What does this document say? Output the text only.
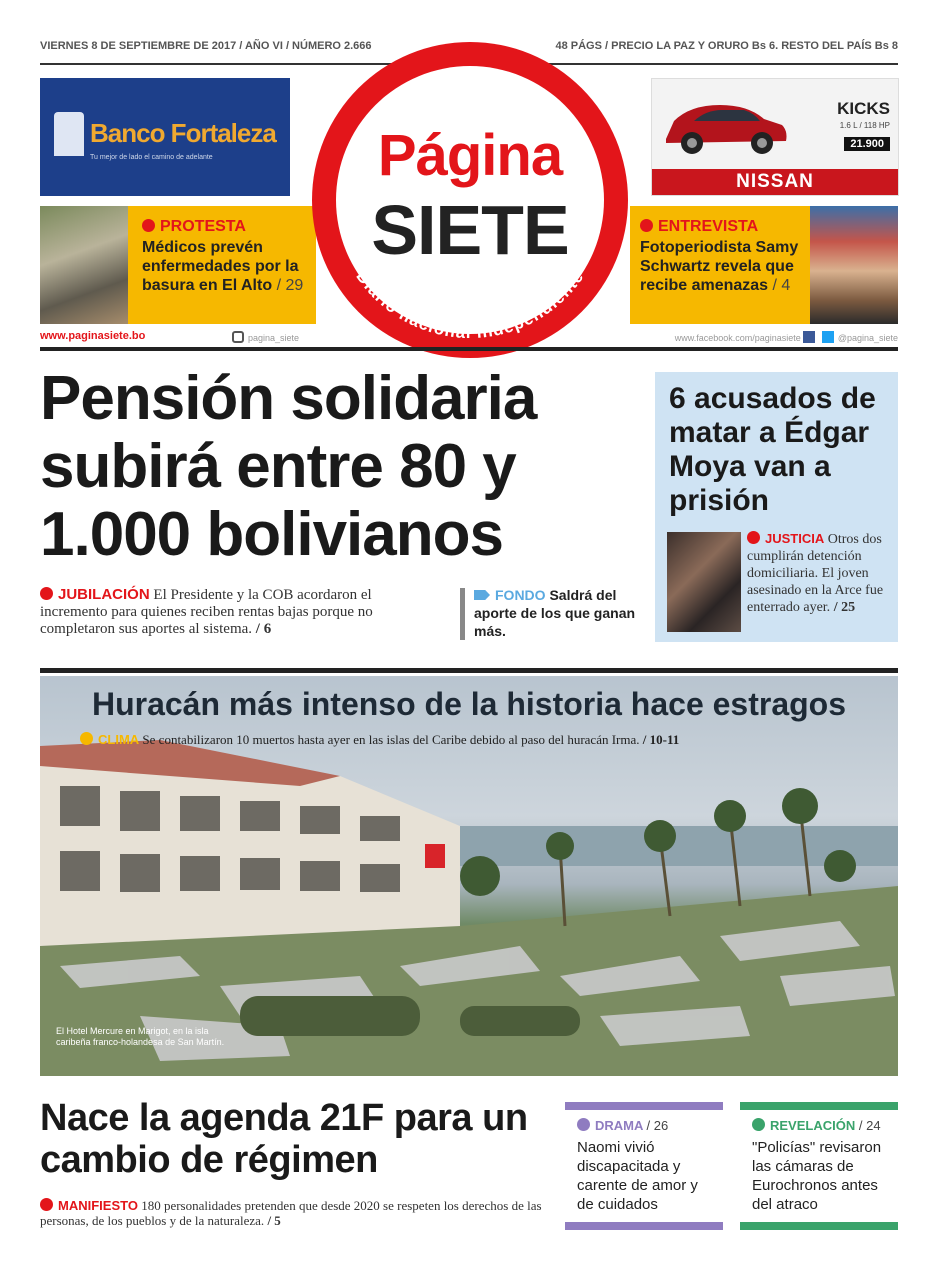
VIERNES 8 DE SEPTIEMBRE DE 2017 / AÑO VI / NÚMERO 2.666	48 PÁGS / PRECIO LA PAZ Y ORURO Bs 6. RESTO DEL PAÍS Bs 8
Banco Fortaleza
Tu mejor de lado el camino de adelante
KICKS
1.6 L / 118 HP
21.900
NISSAN
PROTESTA
Médicos prevén enfermedades por la basura en El Alto / 29
ENTREVISTA
Fotoperiodista Samy Schwartz revela que recibe amenazas / 4
Página
SIETE
Diario nacional independiente
www.paginasiete.bo	pagina_siete	www.facebook.com/paginasiete	@pagina_siete
Pensión solidaria subirá entre 80 y 1.000 bolivianos
JUBILACIÓN El Presidente y la COB acordaron el incremento para quienes reciben rentas bajas porque no completaron sus aportes al sistema. / 6
FONDO Saldrá del aporte de los que ganan más.
6 acusados de matar a Édgar Moya van a prisión
JUSTICIA Otros dos cumplirán detención domiciliaria. El joven asesinado en la Arce fue enterrado ayer. / 25
Huracán más intenso de la historia hace estragos
CLIMA Se contabilizaron 10 muertos hasta ayer en las islas del Caribe debido al paso del huracán Irma. / 10-11
El Hotel Mercure en Marigot, en la isla caribeña franco-holandesa de San Martín.
Nace la agenda 21F para un cambio de régimen
MANIFIESTO 180 personalidades pretenden que desde 2020 se respeten los derechos de las personas, de los pueblos y de la naturaleza. / 5
DRAMA / 26
Naomi vivió discapacitada y carente de amor y de cuidados
REVELACIÓN / 24
"Policías" revisaron las cámaras de Eurochronos antes del atraco
